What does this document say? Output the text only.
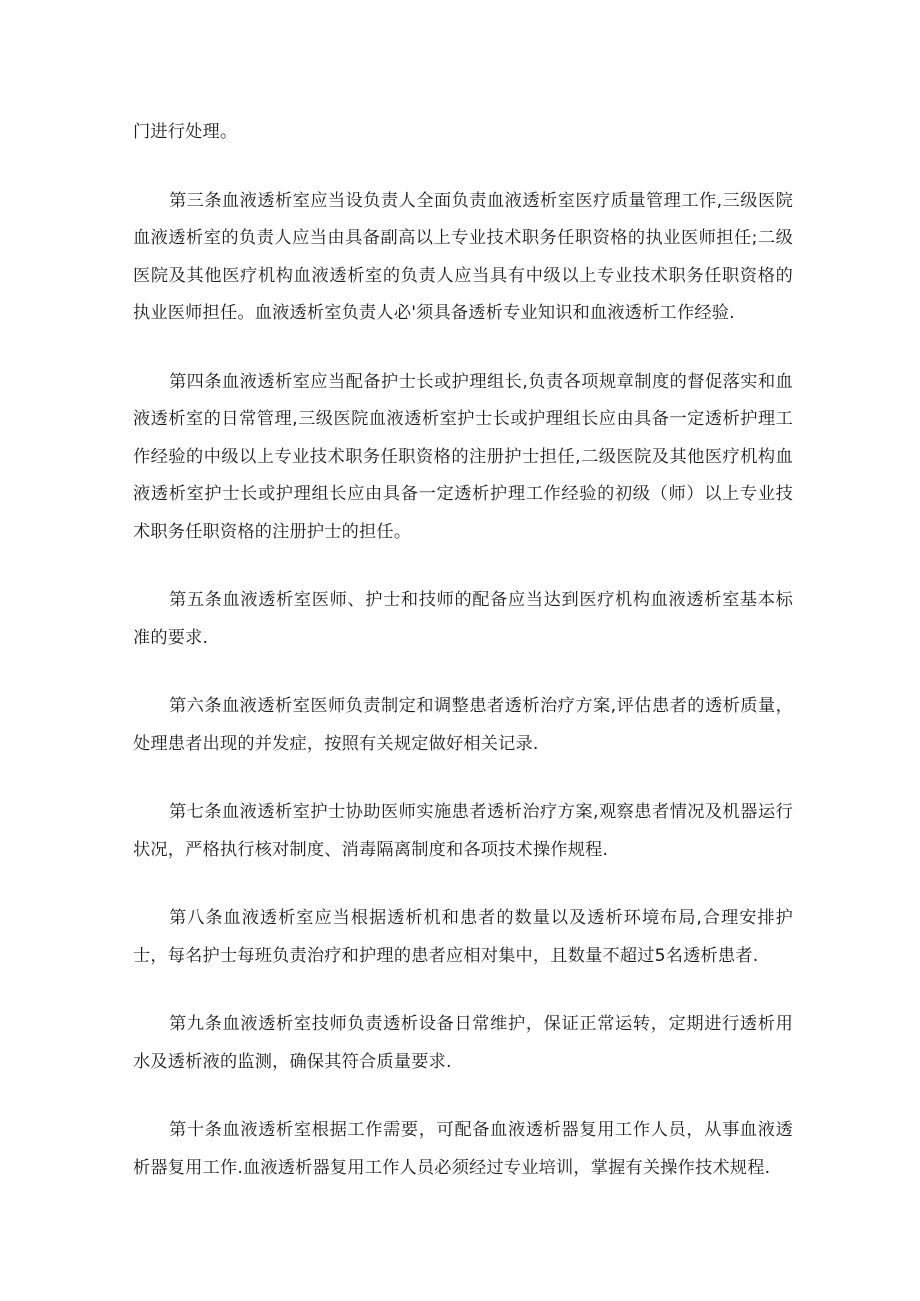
门进行处理。

第三条血液透析室应当设负责人全面负责血液透析室医疗质量管理工作,三级医院血液透析室的负责人应当由具备副高以上专业技术职务任职资格的执业医师担任;二级医院及其他医疗机构血液透析室的负责人应当具有中级以上专业技术职务任职资格的执业医师担任。血液透析室负责人必'须具备透析专业知识和血液透析工作经验.

第四条血液透析室应当配备护士长或护理组长,负责各项规章制度的督促落实和血液透析室的日常管理,三级医院血液透析室护士长或护理组长应由具备一定透析护理工作经验的中级以上专业技术职务任职资格的注册护士担任,二级医院及其他医疗机构血液透析室护士长或护理组长应由具备一定透析护理工作经验的初级（师）以上专业技术职务任职资格的注册护士的担任。

第五条血液透析室医师、护士和技师的配备应当达到医疗机构血液透析室基本标准的要求.

第六条血液透析室医师负责制定和调整患者透析治疗方案,评估患者的透析质量，处理患者出现的并发症，按照有关规定做好相关记录.

第七条血液透析室护士协助医师实施患者透析治疗方案,观察患者情况及机器运行状况，严格执行核对制度、消毒隔离制度和各项技术操作规程.

第八条血液透析室应当根据透析机和患者的数量以及透析环境布局,合理安排护士，每名护士每班负责治疗和护理的患者应相对集中，且数量不超过5名透析患者.

第九条血液透析室技师负责透析设备日常维护，保证正常运转，定期进行透析用水及透析液的监测，确保其符合质量要求.

第十条血液透析室根据工作需要，可配备血液透析器复用工作人员，从事血液透析器复用工作.血液透析器复用工作人员必须经过专业培训，掌握有关操作技术规程.
